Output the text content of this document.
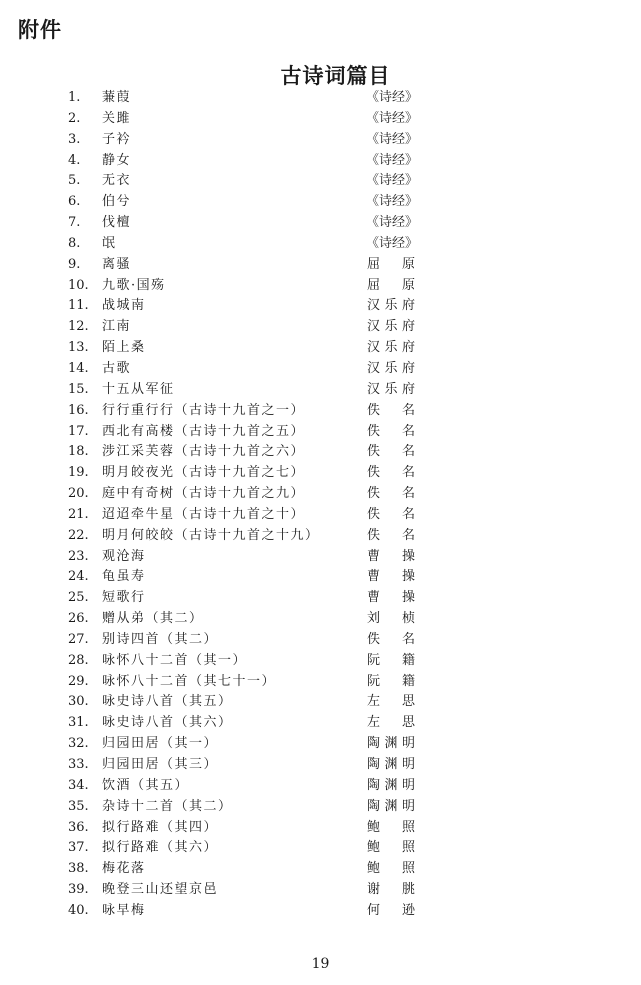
附件
古诗词篇目
1.	蒹葭	《诗经》
2.	关雎	《诗经》
3.	子衿	《诗经》
4.	静女	《诗经》
5.	无衣	《诗经》
6.	伯兮	《诗经》
7.	伐檀	《诗经》
8.	氓	《诗经》
9.	离骚	屈 原
10.	九歌·国殇	屈 原
11.	战城南	汉乐府
12.	江南	汉乐府
13.	陌上桑	汉乐府
14.	古歌	汉乐府
15.	十五从军征	汉乐府
16.	行行重行行（古诗十九首之一）	佚 名
17.	西北有高楼（古诗十九首之五）	佚 名
18.	涉江采芙蓉（古诗十九首之六）	佚 名
19.	明月皎夜光（古诗十九首之七）	佚 名
20.	庭中有奇树（古诗十九首之九）	佚 名
21.	迢迢牵牛星（古诗十九首之十）	佚 名
22.	明月何皎皎（古诗十九首之十九）	佚 名
23.	观沧海	曹 操
24.	龟虽寿	曹 操
25.	短歌行	曹 操
26.	赠从弟（其二）	刘 桢
27.	别诗四首（其二）	佚 名
28.	咏怀八十二首（其一）	阮 籍
29.	咏怀八十二首（其七十一）	阮 籍
30.	咏史诗八首（其五）	左 思
31.	咏史诗八首（其六）	左 思
32.	归园田居（其一）	陶渊明
33.	归园田居（其三）	陶渊明
34.	饮酒（其五）	陶渊明
35.	杂诗十二首（其二）	陶渊明
36.	拟行路难（其四）	鲍 照
37.	拟行路难（其六）	鲍 照
38.	梅花落	鲍 照
39.	晚登三山还望京邑	谢 朓
40.	咏早梅	何 逊
19
